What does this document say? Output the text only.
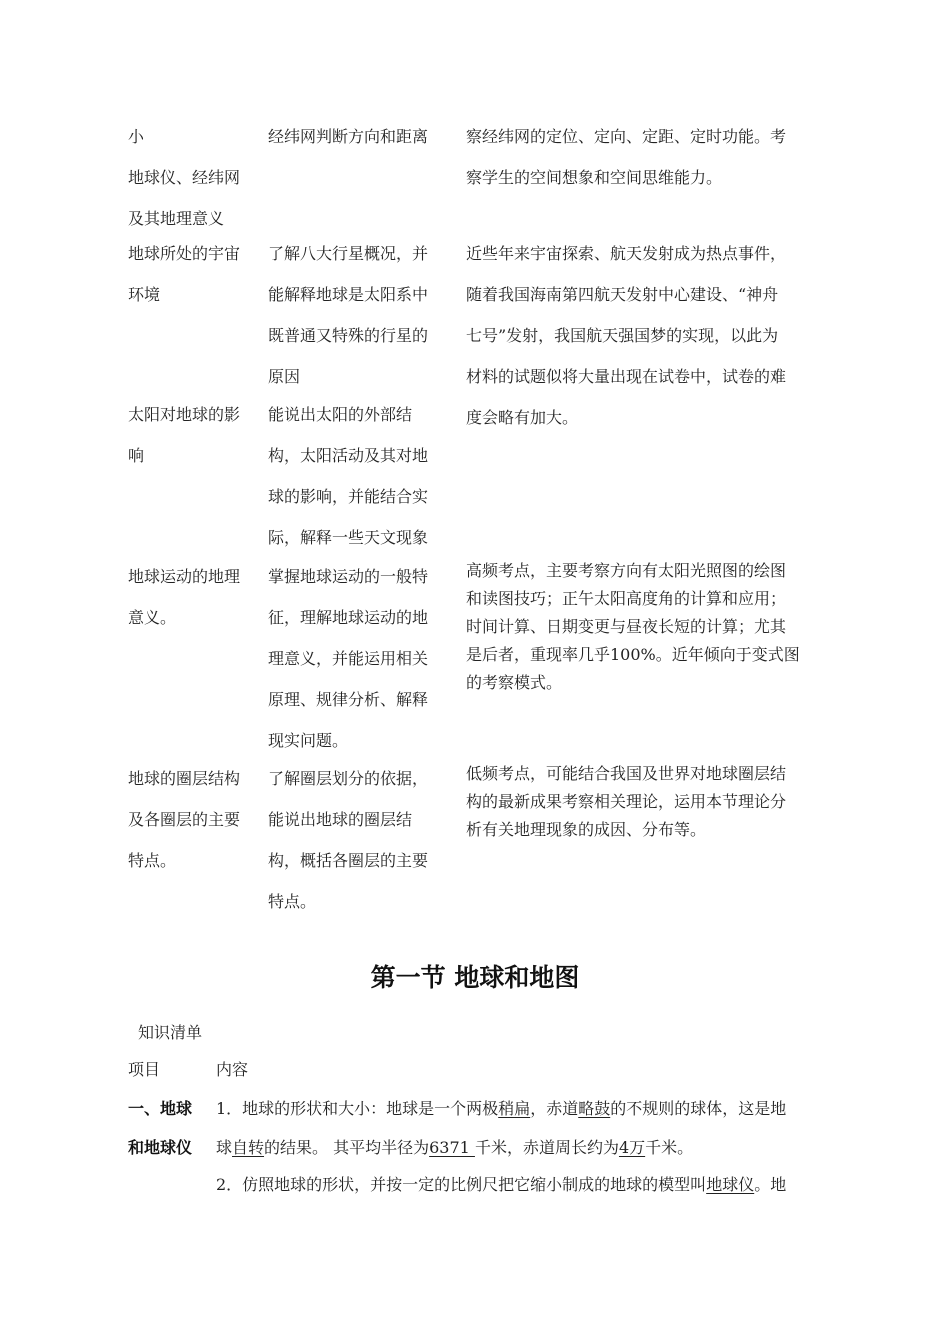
小
地球仪、经纬网
及其地理意义
经纬网判断方向和距离 察经纬网的定位、定向、定距、定时功能。考
察学生的空间想象和空间思维能力。
地球所处的宇宙
环境
了解八大行星概况，并
能解释地球是太阳系中
既普通又特殊的行星的
原因
近些年来宇宙探索、航天发射成为热点事件，
随着我国海南第四航天发射中心建设、“神舟
七号”发射，我国航天强国梦的实现，以此为
材料的试题似将大量出现在试卷中，试卷的难
度会略有加大。
太阳对地球的影
响
能说出太阳的外部结
构，太阳活动及其对地
球的影响，并能结合实
际，解释一些天文现象
地球运动的地理
意义。
掌握地球运动的一般特
征，理解地球运动的地
理意义，并能运用相关
原理、规律分析、解释
现实问题。
高频考点，主要考察方向有太阳光照图的绘图
和读图技巧；正午太阳高度角的计算和应用；
时间计算、日期变更与昼夜长短的计算；尤其
是后者，重现率几乎100%。近年倾向于变式图
的考察模式。
地球的圈层结构
及各圈层的主要
特点。
了解圈层划分的依据，
能说出地球的圈层结
构，概括各圈层的主要
特点。
低频考点，可能结合我国及世界对地球圈层结
构的最新成果考察相关理论，运用本节理论分
析有关地理现象的成因、分布等。
第一节 地球和地图
知识清单
项目	内容
一、地球
和地球仪
1．地球的形状和大小：地球是一个两极稍扁，赤道略鼓的不规则的球体，这是地
球自转的结果。 其平均半径为6371 千米，赤道周长约为4万千米。
2．仿照地球的形状，并按一定的比例尺把它缩小制成的地球的模型叫地球仪。地
